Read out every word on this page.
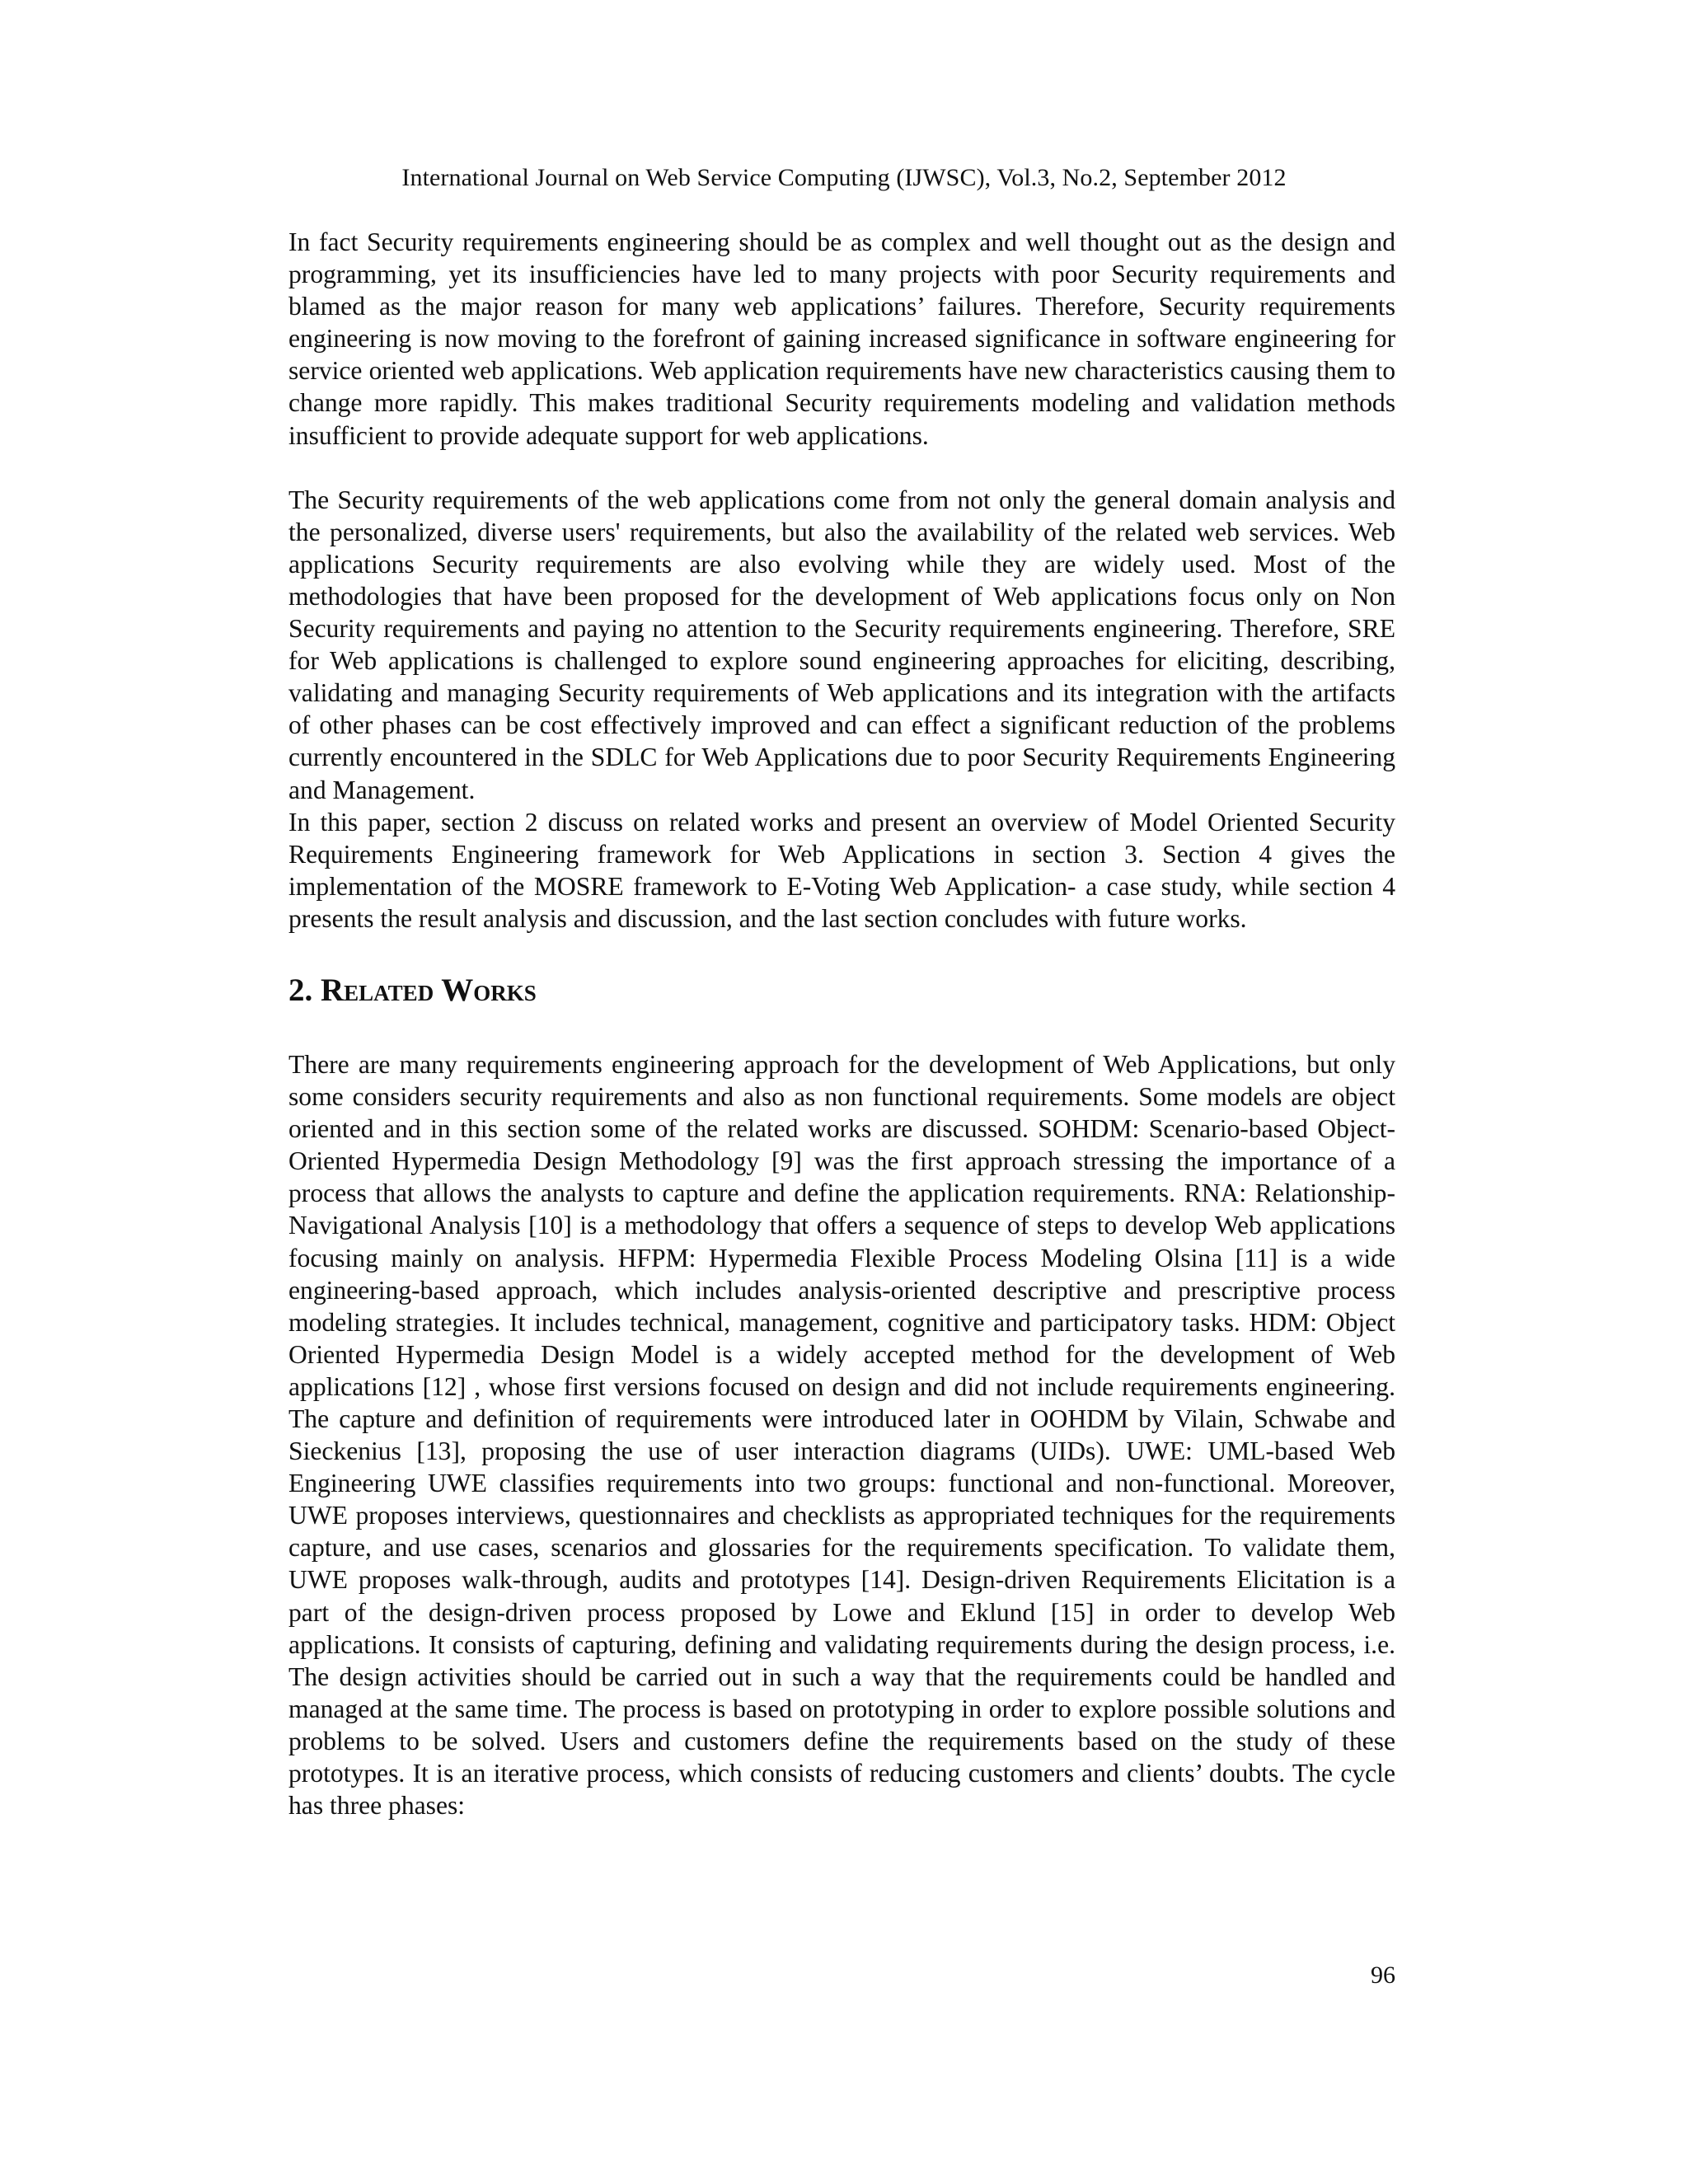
International Journal on Web Service Computing (IJWSC), Vol.3, No.2, September 2012

In fact Security requirements engineering should be as complex and well thought out as the design and programming, yet its insufficiencies have led to many projects with poor Security requirements and blamed as the major reason for many web applications’ failures. Therefore, Security requirements engineering is now moving to the forefront of gaining increased significance in software engineering for service oriented web applications. Web application requirements have new characteristics causing them to change more rapidly. This makes traditional Security requirements modeling and validation methods insufficient to provide adequate support for web applications.

The Security requirements of the web applications come from not only the general domain analysis and the personalized, diverse users' requirements, but also the availability of the related web services. Web applications Security requirements are also evolving while they are widely used. Most of the methodologies that have been proposed for the development of Web applications focus only on Non Security requirements and paying no attention to the Security requirements engineering. Therefore, SRE for Web applications is challenged to explore sound engineering approaches for eliciting, describing, validating and managing Security requirements of Web applications and its integration with the artifacts of other phases can be cost effectively improved and can effect a significant reduction of the problems currently encountered in the SDLC for Web Applications due to poor Security Requirements Engineering and Management.

In this paper, section 2 discuss on related works and present an overview of Model Oriented Security Requirements Engineering framework for Web Applications in section 3. Section 4 gives the implementation of the MOSRE framework to E-Voting Web Application- a case study, while section 4 presents the result analysis and discussion, and the last section concludes with future works.

2. Related Works

There are many requirements engineering approach for the development of Web Applications, but only some considers security requirements and also as non functional requirements. Some models are object oriented and in this section some of the related works are discussed. SOHDM: Scenario-based Object-Oriented Hypermedia Design Methodology [9] was the first approach stressing the importance of a process that allows the analysts to capture and define the application requirements. RNA: Relationship-Navigational Analysis [10] is a methodology that offers a sequence of steps to develop Web applications focusing mainly on analysis. HFPM: Hypermedia Flexible Process Modeling Olsina [11] is a wide engineering-based approach, which includes analysis-oriented descriptive and prescriptive process modeling strategies. It includes technical, management, cognitive and participatory tasks. HDM: Object Oriented Hypermedia Design Model is a widely accepted method for the development of Web applications [12] , whose first versions focused on design and did not include requirements engineering. The capture and definition of requirements were introduced later in OOHDM by Vilain, Schwabe and Sieckenius [13], proposing the use of user interaction diagrams (UIDs). UWE: UML-based Web Engineering UWE classifies requirements into two groups: functional and non-functional. Moreover, UWE proposes interviews, questionnaires and checklists as appropriated techniques for the requirements capture, and use cases, scenarios and glossaries for the requirements specification. To validate them, UWE proposes walk-through, audits and prototypes [14]. Design-driven Requirements Elicitation is a part of the design-driven process proposed by Lowe and Eklund [15] in order to develop Web applications. It consists of capturing, defining and validating requirements during the design process, i.e. The design activities should be carried out in such a way that the requirements could be handled and managed at the same time. The process is based on prototyping in order to explore possible solutions and problems to be solved. Users and customers define the requirements based on the study of these prototypes. It is an iterative process, which consists of reducing customers and clients’ doubts. The cycle has three phases:

96
